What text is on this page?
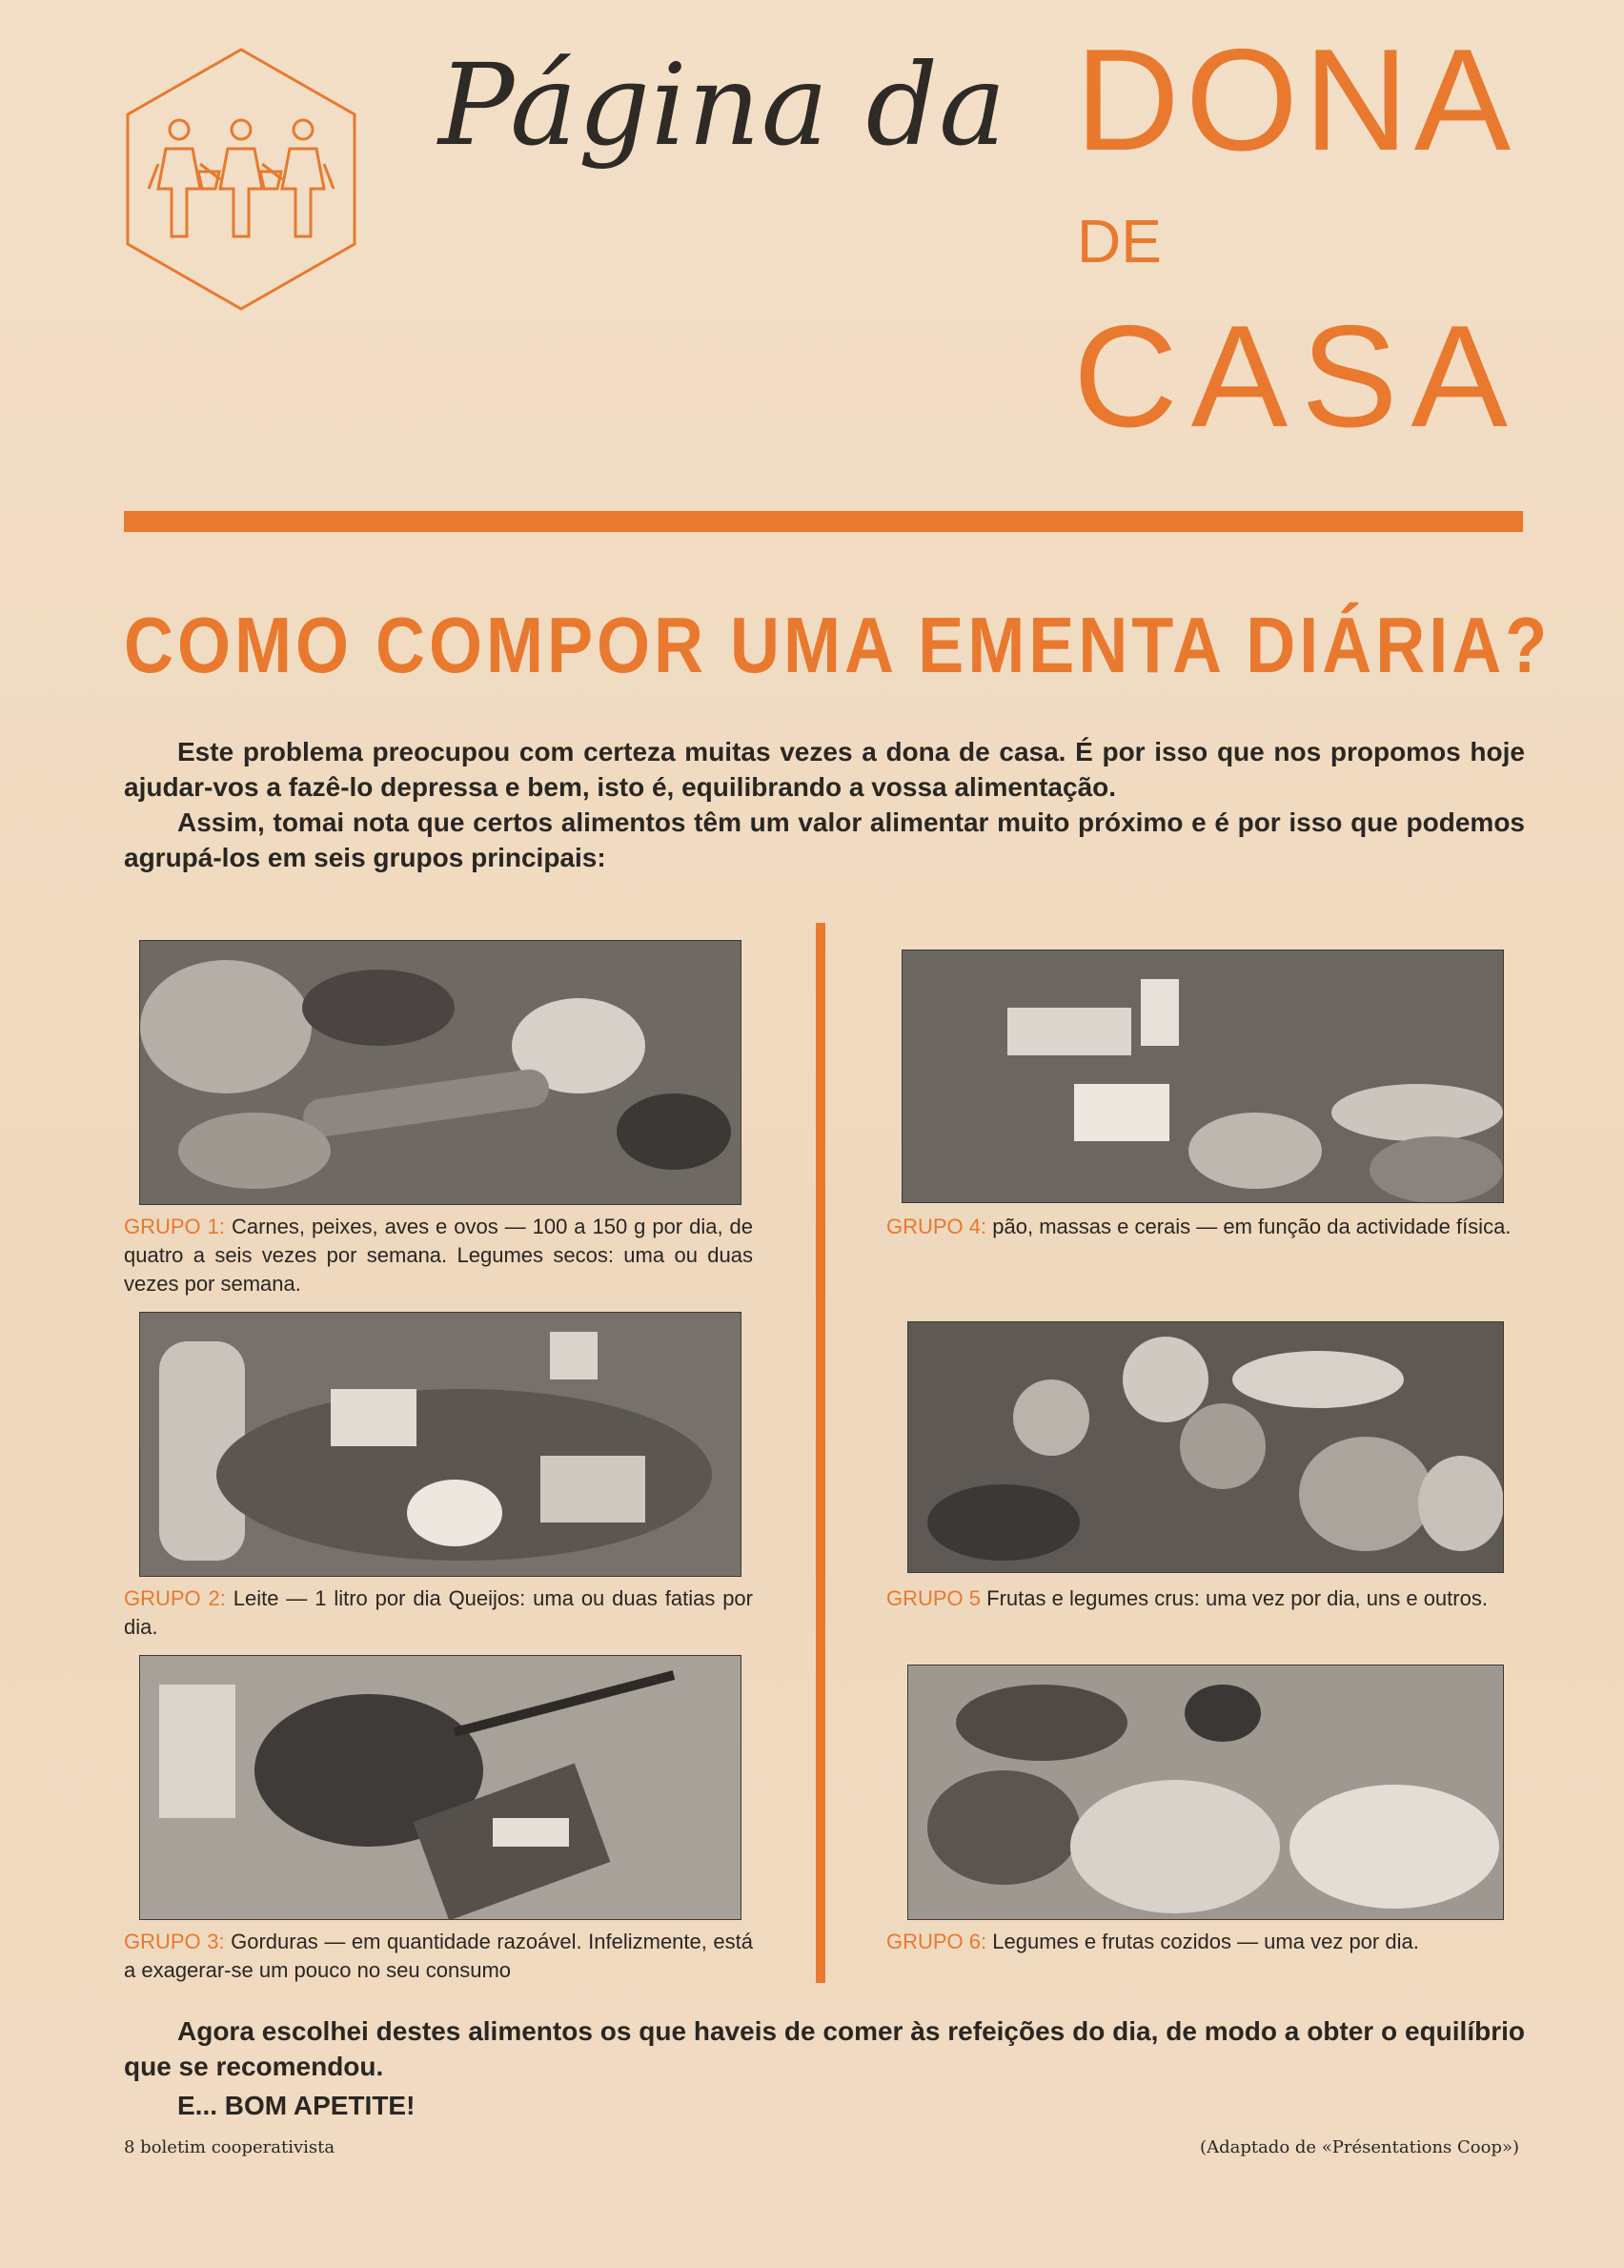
Página da DONA
DE
CASA
COMO COMPOR UMA EMENTA DIÁRIA?

Este problema preocupou com certeza muitas vezes a dona de casa. É por isso que nos propomos hoje ajudar-vos a fazê-lo depressa e bem, isto é, equilibrando a vossa alimentação.

Assim, tomai nota que certos alimentos têm um valor alimentar muito próximo e é por isso que podemos agrupá-los em seis grupos principais:

GRUPO 1: Carnes, peixes, aves e ovos — 100 a 150 g por dia, de quatro a seis vezes por semana. Legumes secos: uma ou duas vezes por semana.
GRUPO 2: Leite — 1 litro por dia Queijos: uma ou duas fatias por dia.
GRUPO 3: Gorduras — em quantidade razoável. Infelizmente, está a exagerar-se um pouco no seu consumo
GRUPO 4: pão, massas e cerais — em função da actividade física.
GRUPO 5 Frutas e legumes crus: uma vez por dia, uns e outros.
GRUPO 6: Legumes e frutas cozidos — uma vez por dia.

Agora escolhei destes alimentos os que haveis de comer às refeições do dia, de modo a obter o equilíbrio que se recomendou.

E... BOM APETITE!

8 boletim cooperativista	(Adaptado de «Présentations Coop»)
